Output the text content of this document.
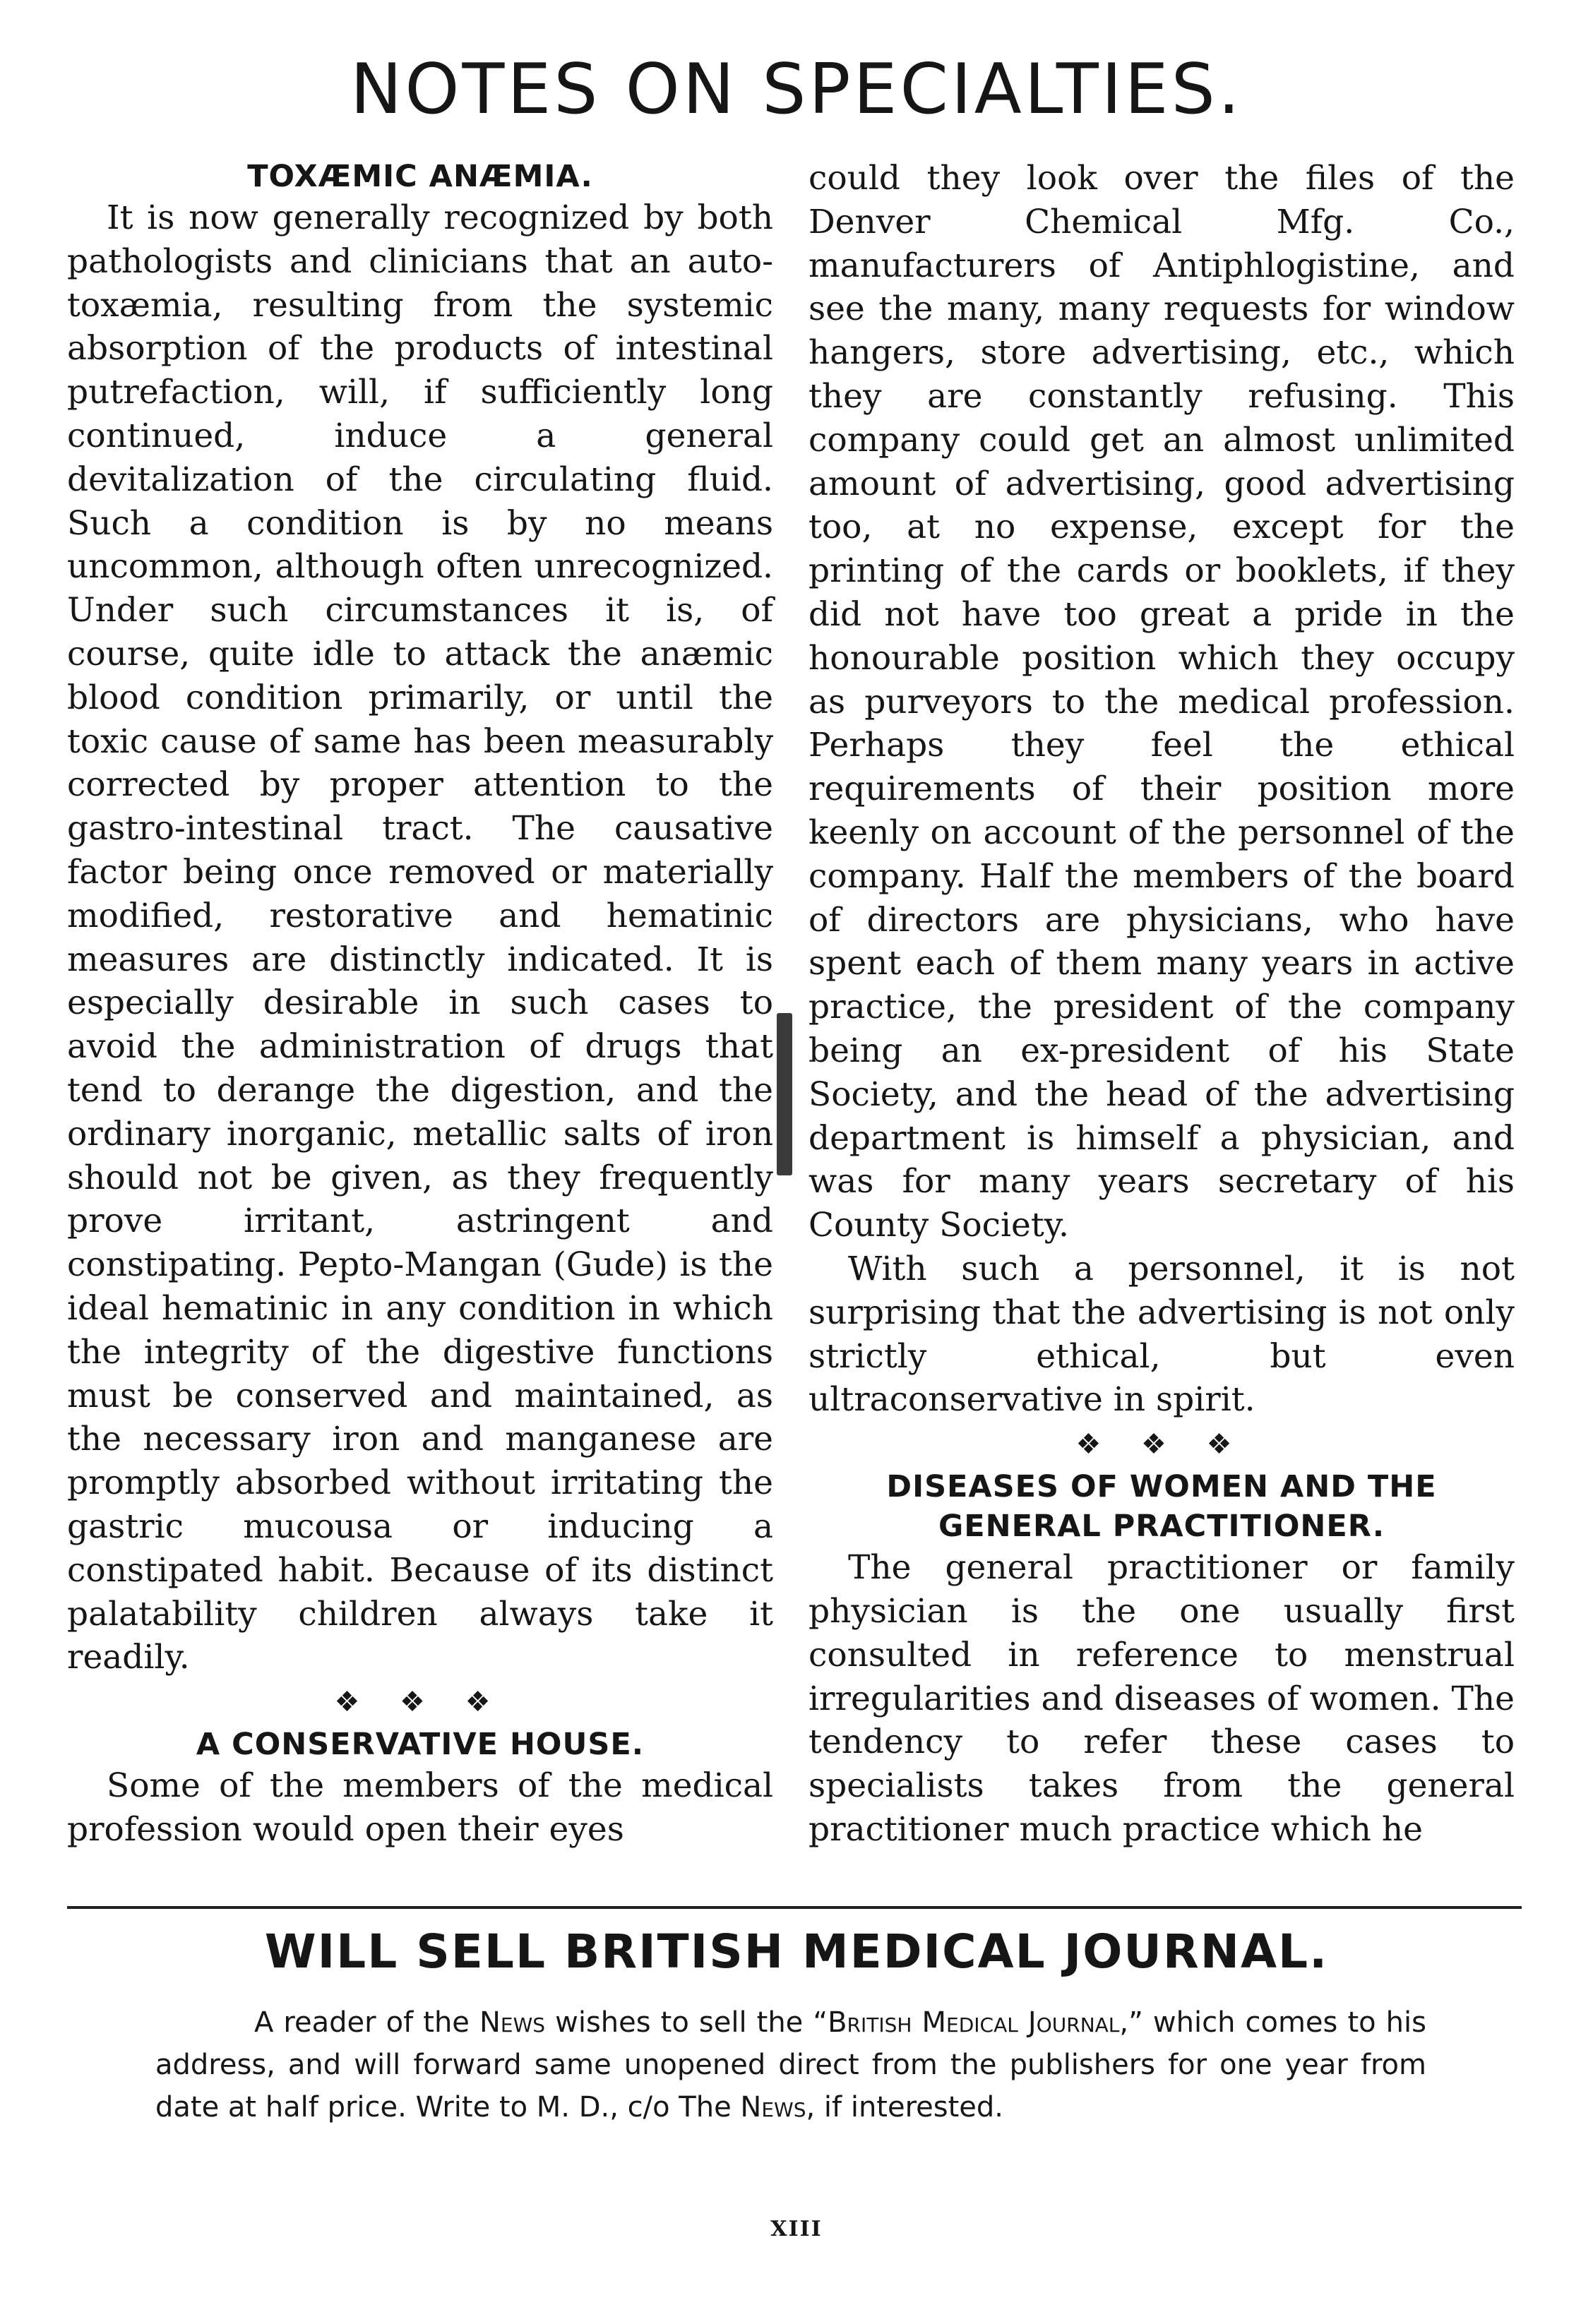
NOTES ON SPECIALTIES.
TOXÆMIC ANÆMIA.

It is now generally recognized by both pathologists and clinicians that an auto-toxæmia, resulting from the systemic absorption of the products of intestinal putrefaction, will, if sufficiently long continued, induce a general devitalization of the circulating fluid. Such a condition is by no means uncommon, although often unrecognized. Under such circumstances it is, of course, quite idle to attack the anæmic blood condition primarily, or until the toxic cause of same has been measurably corrected by proper attention to the gastro-intestinal tract. The causative factor being once removed or materially modified, restorative and hematinic measures are distinctly indicated. It is especially desirable in such cases to avoid the administration of drugs that tend to derange the digestion, and the ordinary inorganic, metallic salts of iron should not be given, as they frequently prove irritant, astringent and constipating. Pepto-Mangan (Gude) is the ideal hematinic in any condition in which the integrity of the digestive functions must be conserved and maintained, as the necessary iron and manganese are promptly absorbed without irritating the gastric mucousa or inducing a constipated habit. Because of its distinct palatability children always take it readily.

❖ ❖ ❖
A CONSERVATIVE HOUSE.

Some of the members of the medical profession would open their eyes

could they look over the files of the Denver Chemical Mfg. Co., manufacturers of Antiphlogistine, and see the many, many requests for window hangers, store advertising, etc., which they are constantly refusing. This company could get an almost unlimited amount of advertising, good advertising too, at no expense, except for the printing of the cards or booklets, if they did not have too great a pride in the honourable position which they occupy as purveyors to the medical profession. Perhaps they feel the ethical requirements of their position more keenly on account of the personnel of the company. Half the members of the board of directors are physicians, who have spent each of them many years in active practice, the president of the company being an ex-president of his State Society, and the head of the advertising department is himself a physician, and was for many years secretary of his County Society.

With such a personnel, it is not surprising that the advertising is not only strictly ethical, but even ultraconservative in spirit.

❖ ❖ ❖
DISEASES OF WOMEN AND THE
GENERAL PRACTITIONER.

The general practitioner or family physician is the one usually first consulted in reference to menstrual irregularities and diseases of women. The tendency to refer these cases to specialists takes from the general practitioner much practice which he

WILL SELL BRITISH MEDICAL JOURNAL.

A reader of the News wishes to sell the “British Medical Journal,” which comes to his address, and will forward same unopened direct from the publishers for one year from date at half price. Write to M. D., c/o The News, if interested.

XIII
